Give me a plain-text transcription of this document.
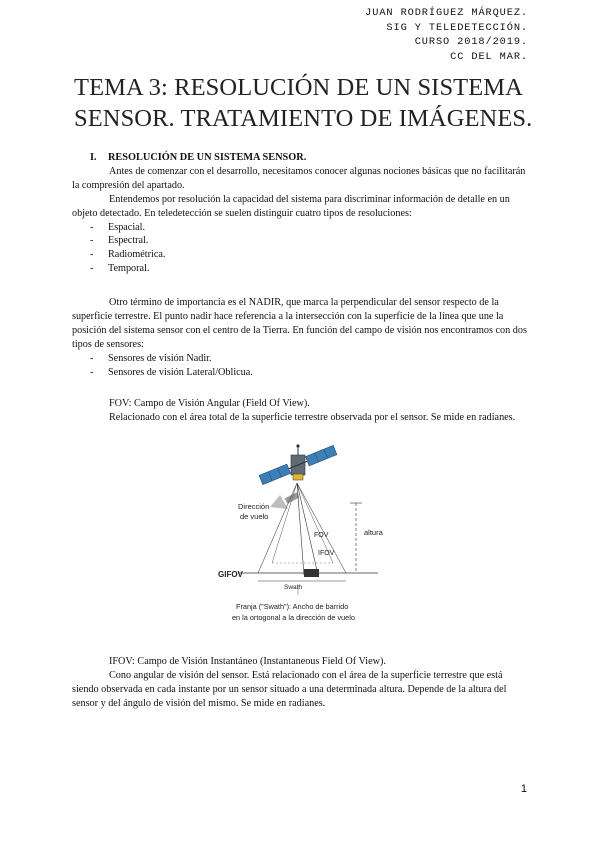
JUAN RODRÍGUEZ MÁRQUEZ.
SIG Y TELEDETECCIÓN.
CURSO 2018/2019.
CC DEL MAR.
TEMA 3: RESOLUCIÓN DE UN SISTEMA
SENSOR. TRATAMIENTO DE IMÁGENES.
I. RESOLUCIÓN DE UN SISTEMA SENSOR.
Antes de comenzar con el desarrollo, necesitamos conocer algunas nociones básicas que no facilitarán la compresión del apartado.
Entendemos por resolución la capacidad del sistema para discriminar información de detalle en un objeto detectado. En teledetección se suelen distinguir cuatro tipos de resoluciones:
- Espacial.
- Espectral.
- Radiométrica.
- Temporal.
Otro término de importancia es el NADIR, que marca la perpendicular del sensor respecto de la superficie terrestre. El punto nadir hace referencia a la intersección con la superficie de la línea que une la posición del sistema sensor con el centro de la Tierra. En función del campo de visión nos encontramos con dos tipos de sensores:
- Sensores de visión Nadir.
- Sensores de visión Lateral/Oblicua.
FOV: Campo de Visión Angular (Field Of View).
Relacionado con el área total de la superficie terrestre observada por el sensor. Se mide en radianes.
Dirección
de vuelo
FOV
IFOV
altura
GIFOV
Swath
Franja ("Swath"): Ancho de barrido
en la ortogonal a la dirección de vuelo
IFOV: Campo de Visión Instantáneo (Instantaneous Field Of View).
Cono angular de visión del sensor. Está relacionado con el área de la superficie terrestre que está siendo observada en cada instante por un sensor situado a una determinada altura. Depende de la altura del sensor y del ángulo de visión del mismo. Se mide en radianes.
1
